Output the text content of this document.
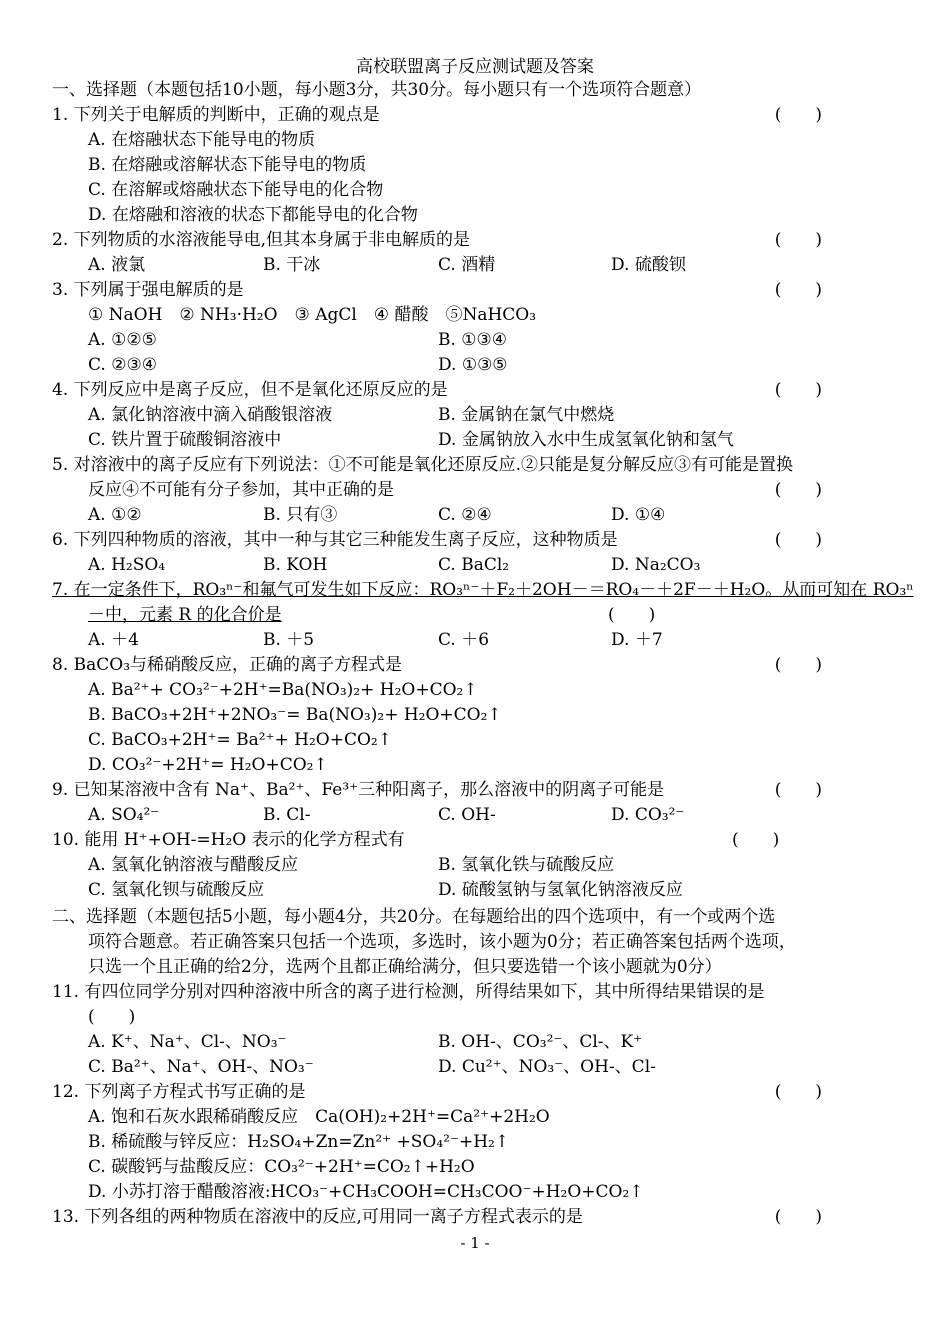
高校联盟离子反应测试题及答案
一、选择题（本题包括10小题，每小题3分，共30分。每小题只有一个选项符合题意）
1. 下列关于电解质的判断中，正确的观点是	(　　)
A. 在熔融状态下能导电的物质
B. 在熔融或溶解状态下能导电的物质
C. 在溶解或熔融状态下能导电的化合物
D. 在熔融和溶液的状态下都能导电的化合物
2. 下列物质的水溶液能导电,但其本身属于非电解质的是	(　　)
A. 液氯	B. 干冰	C. 酒精	D. 硫酸钡
3. 下列属于强电解质的是	(　　)
① NaOH　② NH₃·H₂O　③ AgCl　④ 醋酸　⑤NaHCO₃
A. ①②⑤	B. ①③④
C. ②③④	D. ①③⑤
4. 下列反应中是离子反应，但不是氧化还原反应的是	(　　)
A. 氯化钠溶液中滴入硝酸银溶液	B. 金属钠在氯气中燃烧
C. 铁片置于硫酸铜溶液中	D. 金属钠放入水中生成氢氧化钠和氢气
5. 对溶液中的离子反应有下列说法：①不可能是氧化还原反应.②只能是复分解反应③有可能是置换
反应④不可能有分子参加，其中正确的是	(　　)
A. ①②	B. 只有③	C. ②④	D. ①④
6. 下列四种物质的溶液，其中一种与其它三种能发生离子反应，这种物质是	(　　)
A. H₂SO₄	B. KOH	C. BaCl₂	D. Na₂CO₃
7. 在一定条件下，RO₃ⁿ⁻和氟气可发生如下反应：RO₃ⁿ⁻＋F₂＋2OH－＝RO₄－＋2F－＋H₂O。从而可知在 RO₃ⁿ
－中，元素 R 的化合价是	(　　)
A. ＋4	B. ＋5	C. ＋6	D. ＋7
8. BaCO₃与稀硝酸反应，正确的离子方程式是	(　　)
A. Ba²⁺+ CO₃²⁻+2H⁺=Ba(NO₃)₂+ H₂O+CO₂↑
B. BaCO₃+2H⁺+2NO₃⁻= Ba(NO₃)₂+ H₂O+CO₂↑
C. BaCO₃+2H⁺= Ba²⁺+ H₂O+CO₂↑
D. CO₃²⁻+2H⁺= H₂O+CO₂↑
9. 已知某溶液中含有 Na⁺、Ba²⁺、Fe³⁺三种阳离子，那么溶液中的阴离子可能是	(　　)
A. SO₄²⁻	B. Cl-	C. OH-	D. CO₃²⁻
10. 能用 H⁺+OH-=H₂O 表示的化学方程式有	(　　)
A. 氢氧化钠溶液与醋酸反应	B. 氢氧化铁与硫酸反应
C. 氢氧化钡与硫酸反应	D. 硫酸氢钠与氢氧化钠溶液反应
二、选择题（本题包括5小题，每小题4分，共20分。在每题给出的四个选项中，有一个或两个选
项符合题意。若正确答案只包括一个选项，多选时，该小题为0分；若正确答案包括两个选项，
只选一个且正确的给2分，选两个且都正确给满分，但只要选错一个该小题就为0分）
11. 有四位同学分别对四种溶液中所含的离子进行检测，所得结果如下，其中所得结果错误的是
(　　)
A. K⁺、Na⁺、Cl-、NO₃⁻	B. OH-、CO₃²⁻、Cl-、K⁺
C. Ba²⁺、Na⁺、OH-、NO₃⁻	D. Cu²⁺、NO₃⁻、OH-、Cl-
12. 下列离子方程式书写正确的是	(　　)
A. 饱和石灰水跟稀硝酸反应　Ca(OH)₂+2H⁺=Ca²⁺+2H₂O
B. 稀硫酸与锌反应：H₂SO₄+Zn=Zn²⁺ +SO₄²⁻+H₂↑
C. 碳酸钙与盐酸反应：CO₃²⁻+2H⁺=CO₂↑+H₂O
D. 小苏打溶于醋酸溶液:HCO₃⁻+CH₃COOH=CH₃COO⁻+H₂O+CO₂↑
13. 下列各组的两种物质在溶液中的反应,可用同一离子方程式表示的是	(　　)
- 1 -
